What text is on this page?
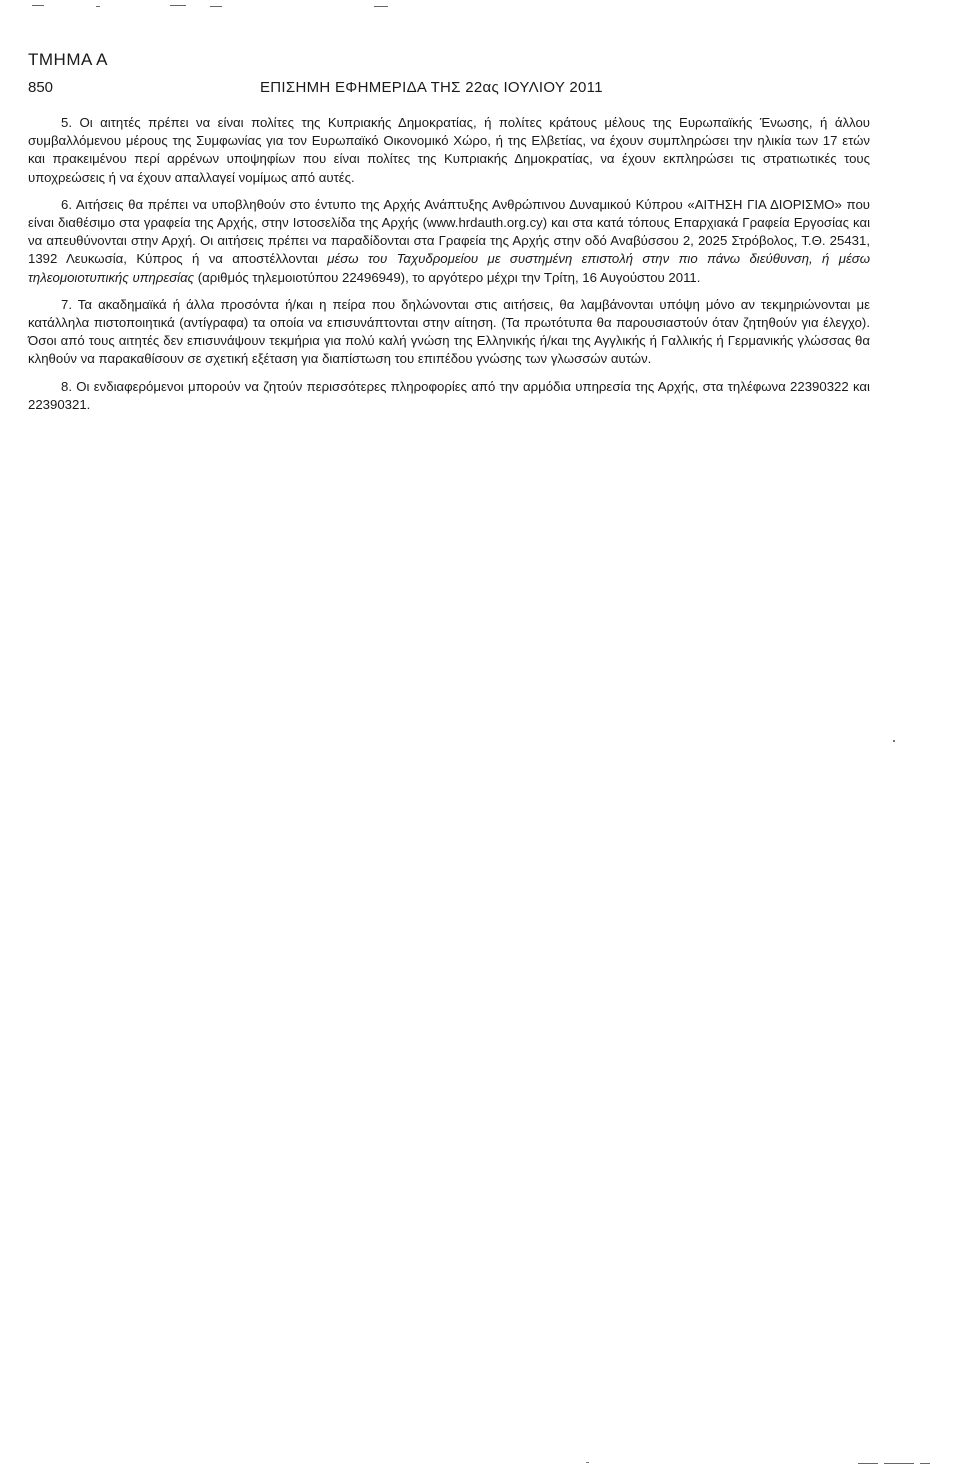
ΤΜΗΜΑ Α
850	ΕΠΙΣΗΜΗ ΕΦΗΜΕΡΙΔΑ ΤΗΣ 22ας ΙΟΥΛΙΟΥ 2011

5. Οι αιτητές πρέπει να είναι πολίτες της Κυπριακής Δημοκρατίας, ή πολίτες κράτους μέλους της Ευρωπαϊκής Ένωσης, ή άλλου συμβαλλόμενου μέρους της Συμφωνίας για τον Ευρωπαϊκό Οικονομικό Χώρο, ή της Ελβετίας, να έχουν συμπληρώσει την ηλικία των 17 ετών και πρακειμένου περί αρρένων υποψηφίων που είναι πολίτες της Κυπριακής Δημοκρατίας, να έχουν εκπληρώσει τις στρατιωτικές τους υποχρεώσεις ή να έχουν απαλλαγεί νομίμως από αυτές.

6. Αιτήσεις θα πρέπει να υποβληθούν στο έντυπο της Αρχής Ανάπτυξης Ανθρώπινου Δυναμικού Κύπρου «ΑΙΤΗΣΗ ΓΙΑ ΔΙΟΡΙΣΜΟ» που είναι διαθέσιμο στα γραφεία της Αρχής, στην Ιστοσελίδα της Αρχής (www.hrdauth.org.cy) και στα κατά τόπους Επαρχιακά Γραφεία Εργοσίας και να απευθύνονται στην Αρχή. Οι αιτήσεις πρέπει να παραδίδονται στα Γραφεία της Αρχής στην οδό Αναβύσσου 2, 2025 Στρόβολος, Τ.Θ. 25431, 1392 Λευκωσία, Κύπρος ή να αποστέλλονται μέσω του Ταχυδρομείου με συστημένη επιστολή στην πιο πάνω διεύθυνση, ή μέσω τηλεομοιοτυπικής υπηρεσίας (αριθμός τηλεμοιοτύπου 22496949), το αργότερο μέχρι την Τρίτη, 16 Αυγούστου 2011.

7. Τα ακαδημαϊκά ή άλλα προσόντα ή/και η πείρα που δηλώνονται στις αιτήσεις, θα λαμβάνονται υπόψη μόνο αν τεκμηριώνονται με κατάλληλα πιστοποιητικά (αντίγραφα) τα οποία να επισυνάπτονται στην αίτηση. (Τα πρωτότυπα θα παρουσιαστούν όταν ζητηθούν για έλεγχο). Όσοι από τους αιτητές δεν επισυνάψουν τεκμήρια για πολύ καλή γνώση της Ελληνικής ή/και της Αγγλικής ή Γαλλικής ή Γερμανικής γλώσσας θα κληθούν να παρακαθίσουν σε σχετική εξέταση για διαπίστωση του επιπέδου γνώσης των γλωσσών αυτών.

8. Οι ενδιαφερόμενοι μπορούν να ζητούν περισσότερες πληροφορίες από την αρμόδια υπηρεσία της Αρχής, στα τηλέφωνα 22390322 και 22390321.
